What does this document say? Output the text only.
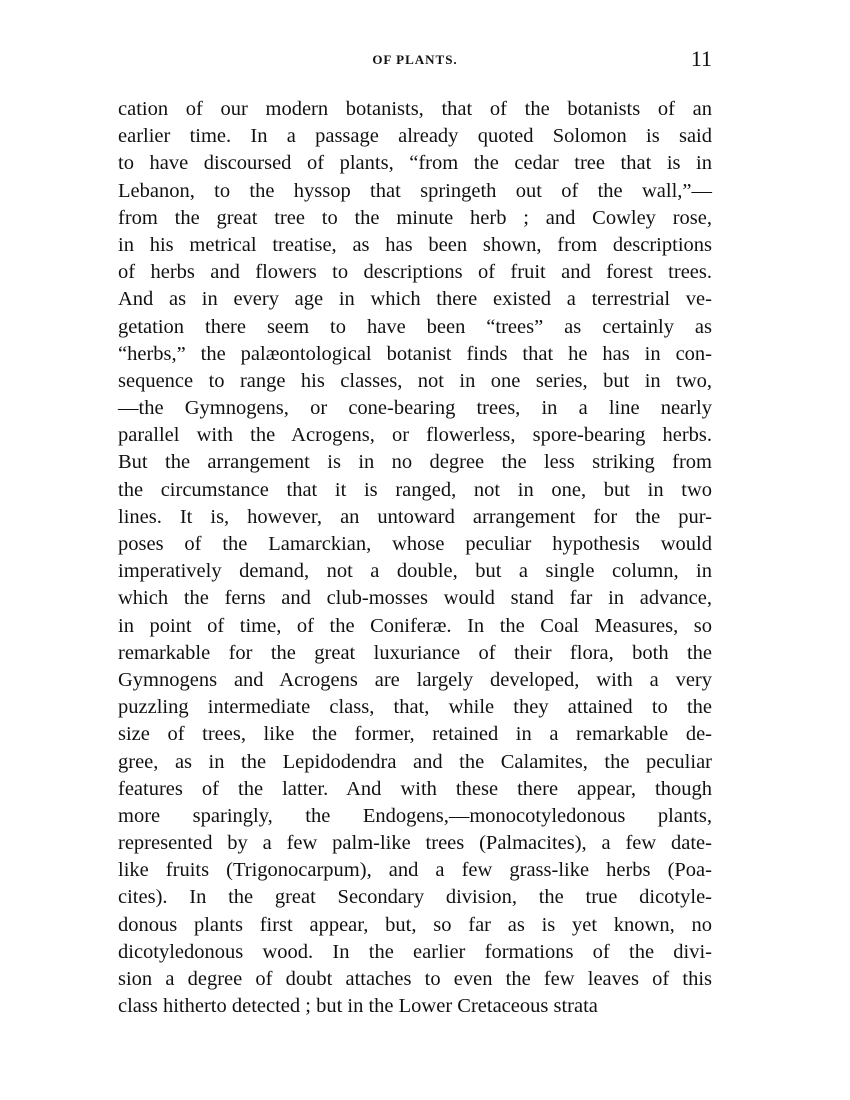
OF PLANTS.	11
cation of our modern botanists, that of the botanists of an
earlier time. In a passage already quoted Solomon is said
to have discoursed of plants, “from the cedar tree that is in
Lebanon, to the hyssop that springeth out of the wall,”—
from the great tree to the minute herb ; and Cowley rose,
in his metrical treatise, as has been shown, from descriptions
of herbs and flowers to descriptions of fruit and forest trees.
And as in every age in which there existed a terrestrial ve-
getation there seem to have been “trees” as certainly as
“herbs,” the palæontological botanist finds that he has in con-
sequence to range his classes, not in one series, but in two,
—the Gymnogens, or cone-bearing trees, in a line nearly
parallel with the Acrogens, or flowerless, spore-bearing herbs.
But the arrangement is in no degree the less striking from
the circumstance that it is ranged, not in one, but in two
lines. It is, however, an untoward arrangement for the pur-
poses of the Lamarckian, whose peculiar hypothesis would
imperatively demand, not a double, but a single column, in
which the ferns and club-mosses would stand far in advance,
in point of time, of the Coniferæ. In the Coal Measures, so
remarkable for the great luxuriance of their flora, both the
Gymnogens and Acrogens are largely developed, with a very
puzzling intermediate class, that, while they attained to the
size of trees, like the former, retained in a remarkable de-
gree, as in the Lepidodendra and the Calamites, the peculiar
features of the latter. And with these there appear, though
more sparingly, the Endogens,—monocotyledonous plants,
represented by a few palm-like trees (Palmacites), a few date-
like fruits (Trigonocarpum), and a few grass-like herbs (Poa-
cites). In the great Secondary division, the true dicotyle-
donous plants first appear, but, so far as is yet known, no
dicotyledonous wood. In the earlier formations of the divi-
sion a degree of doubt attaches to even the few leaves of this
class hitherto detected ; but in the Lower Cretaceous strata
